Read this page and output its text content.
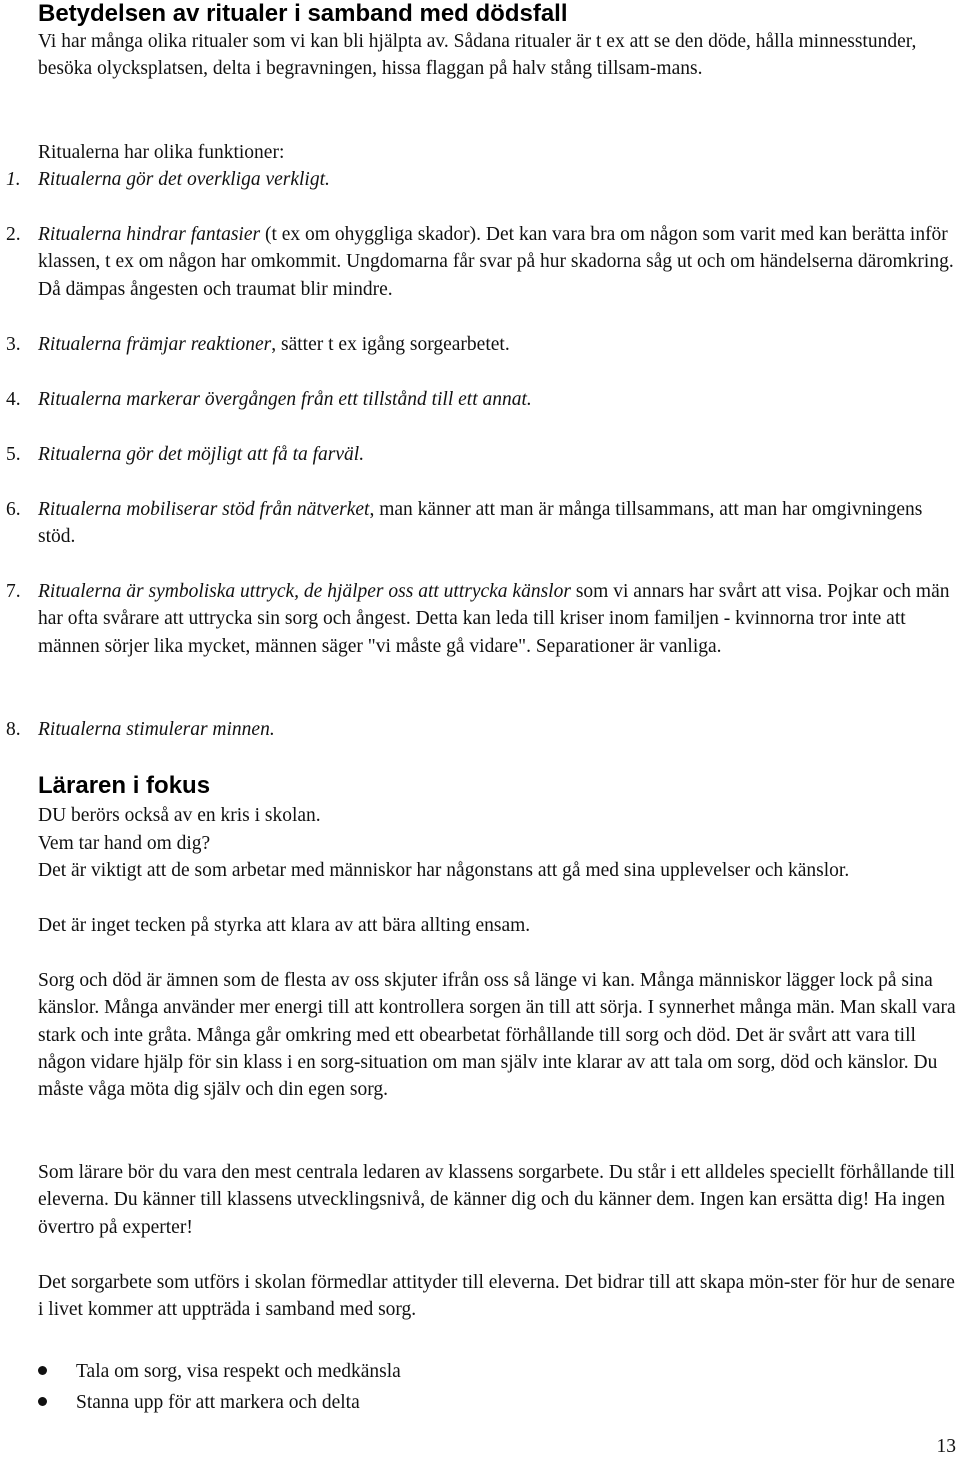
Betydelsen av ritualer i samband med dödsfall

Vi har många olika ritualer som vi kan bli hjälpta av. Sådana ritualer är t ex att se den döde, hålla minnesstunder, besöka olycksplatsen, delta i begravningen, hissa flaggan på halv stång tillsam-mans.

Ritualerna har olika funktioner:

1. Ritualerna gör det overkliga verkligt.

2. Ritualerna hindrar fantasier (t ex om ohyggliga skador). Det kan vara bra om någon som varit med kan berätta inför klassen, t ex om någon har omkommit. Ungdomarna får svar på hur skadorna såg ut och om händelserna däromkring. Då dämpas ångesten och traumat blir mindre.

3. Ritualerna främjar reaktioner, sätter t ex igång sorgearbetet.

4. Ritualerna markerar övergången från ett tillstånd till ett annat.

5. Ritualerna gör det möjligt att få ta farväl.

6. Ritualerna mobiliserar stöd från nätverket, man känner att man är många tillsammans, att man har omgivningens stöd.

7. Ritualerna är symboliska uttryck, de hjälper oss att uttrycka känslor som vi annars har svårt att visa. Pojkar och män har ofta svårare att uttrycka sin sorg och ångest. Detta kan leda till kriser inom familjen - kvinnorna tror inte att männen sörjer lika mycket, männen säger "vi måste gå vidare". Separationer är vanliga.

8. Ritualerna stimulerar minnen.

Läraren i fokus

DU berörs också av en kris i skolan.

Vem tar hand om dig?

Det är viktigt att de som arbetar med människor har någonstans att gå med sina upplevelser och känslor.

Det är inget tecken på styrka att klara av att bära allting ensam.

Sorg och död är ämnen som de flesta av oss skjuter ifrån oss så länge vi kan. Många människor lägger lock på sina känslor. Många använder mer energi till att kontrollera sorgen än till att sörja. I synnerhet många män. Man skall vara stark och inte gråta. Många går omkring med ett obearbetat förhållande till sorg och död. Det är svårt att vara till någon vidare hjälp för sin klass i en sorg-situation om man själv inte klarar av att tala om sorg, död och känslor. Du måste våga möta dig själv och din egen sorg.

Som lärare bör du vara den mest centrala ledaren av klassens sorgarbete. Du står i ett alldeles speciellt förhållande till eleverna. Du känner till klassens utvecklingsnivå, de känner dig och du känner dem. Ingen kan ersätta dig! Ha ingen övertro på experter!

Det sorgarbete som utförs i skolan förmedlar attityder till eleverna. Det bidrar till att skapa mön-ster för hur de senare i livet kommer att uppträda i samband med sorg.

Tala om sorg, visa respekt och medkänsla
Stanna upp för att markera och delta
13
